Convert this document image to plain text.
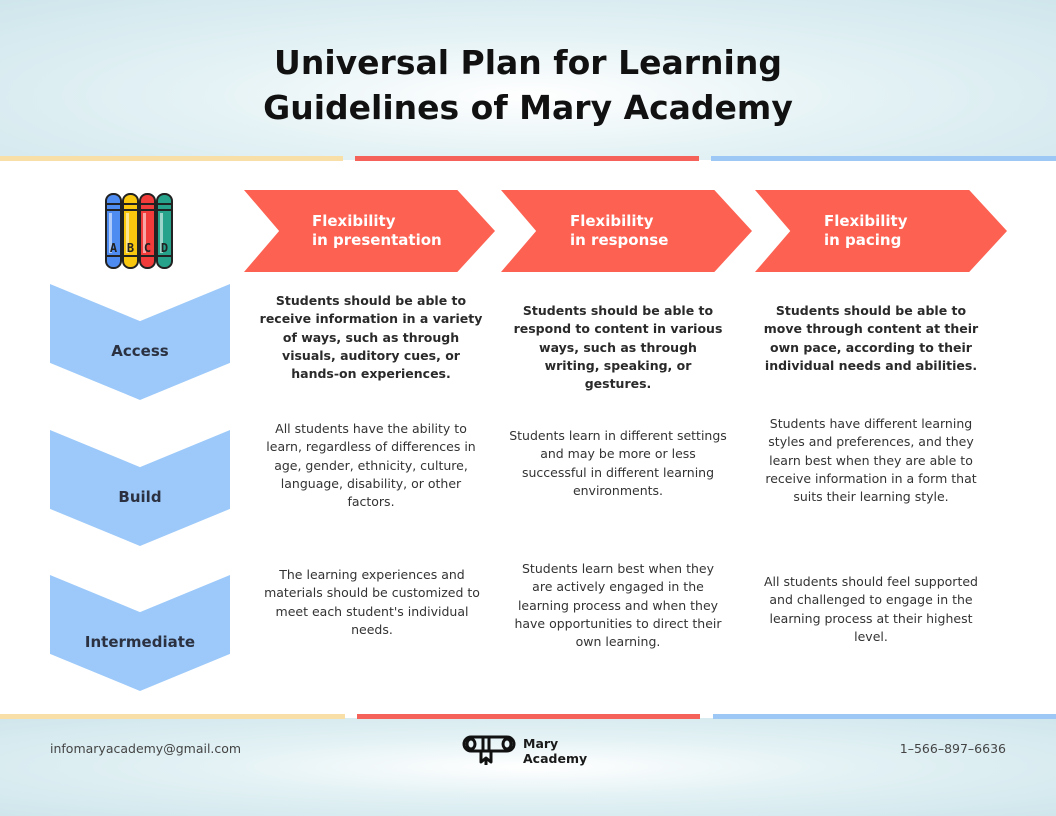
Universal Plan for Learning
Guidelines of Mary Academy
A B C D
Flexibility
in presentation
Flexibility
in response
Flexibility
in pacing
Access
Build
Intermediate
Students should be able to receive information in a variety of ways, such as through visuals, auditory cues, or hands-on experiences.
Students should be able to respond to content in various ways, such as through writing, speaking, or gestures.
Students should be able to move through content at their own pace, according to their individual needs and abilities.
All students have the ability to learn, regardless of differences in age, gender, ethnicity, culture, language, disability, or other factors.
Students learn in different settings and may be more or less successful in different learning environments.
Students have different learning styles and preferences, and they learn best when they are able to receive information in a form that suits their learning style.
The learning experiences and materials should be customized to meet each student's individual needs.
Students learn best when they are actively engaged in the learning process and when they have opportunities to direct their own learning.
All students should feel supported and challenged to engage in the learning process at their highest level.
infomaryacademy@gmail.com	Mary
Academy
1–566–897–6636
